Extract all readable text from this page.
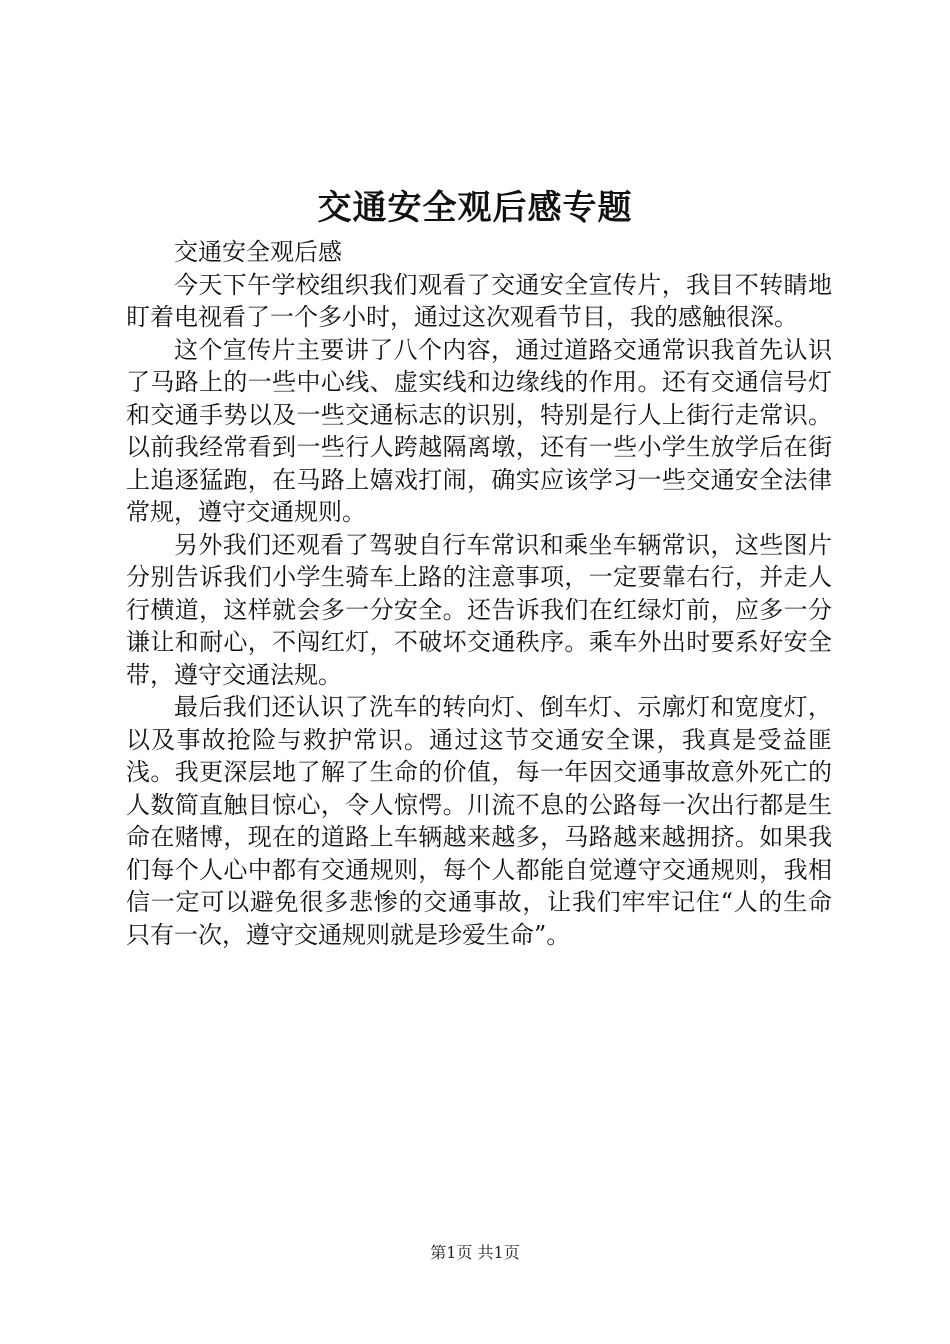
交通安全观后感专题

交通安全观后感

今天下午学校组织我们观看了交通安全宣传片，我目不转睛地盯着电视看了一个多小时，通过这次观看节目，我的感触很深。

这个宣传片主要讲了八个内容，通过道路交通常识我首先认识了马路上的一些中心线、虚实线和边缘线的作用。还有交通信号灯和交通手势以及一些交通标志的识别，特别是行人上街行走常识。以前我经常看到一些行人跨越隔离墩，还有一些小学生放学后在街上追逐猛跑，在马路上嬉戏打闹，确实应该学习一些交通安全法律常规，遵守交通规则。

另外我们还观看了驾驶自行车常识和乘坐车辆常识，这些图片分别告诉我们小学生骑车上路的注意事项，一定要靠右行，并走人行横道，这样就会多一分安全。还告诉我们在红绿灯前，应多一分谦让和耐心，不闯红灯，不破坏交通秩序。乘车外出时要系好安全带，遵守交通法规。

最后我们还认识了洗车的转向灯、倒车灯、示廓灯和宽度灯，以及事故抢险与救护常识。通过这节交通安全课，我真是受益匪浅。我更深层地了解了生命的价值，每一年因交通事故意外死亡的人数简直触目惊心，令人惊愕。川流不息的公路每一次出行都是生命在赌博，现在的道路上车辆越来越多，马路越来越拥挤。如果我们每个人心中都有交通规则，每个人都能自觉遵守交通规则，我相信一定可以避免很多悲惨的交通事故，让我们牢牢记住“人的生命只有一次，遵守交通规则就是珍爱生命”。

第1页 共1页
